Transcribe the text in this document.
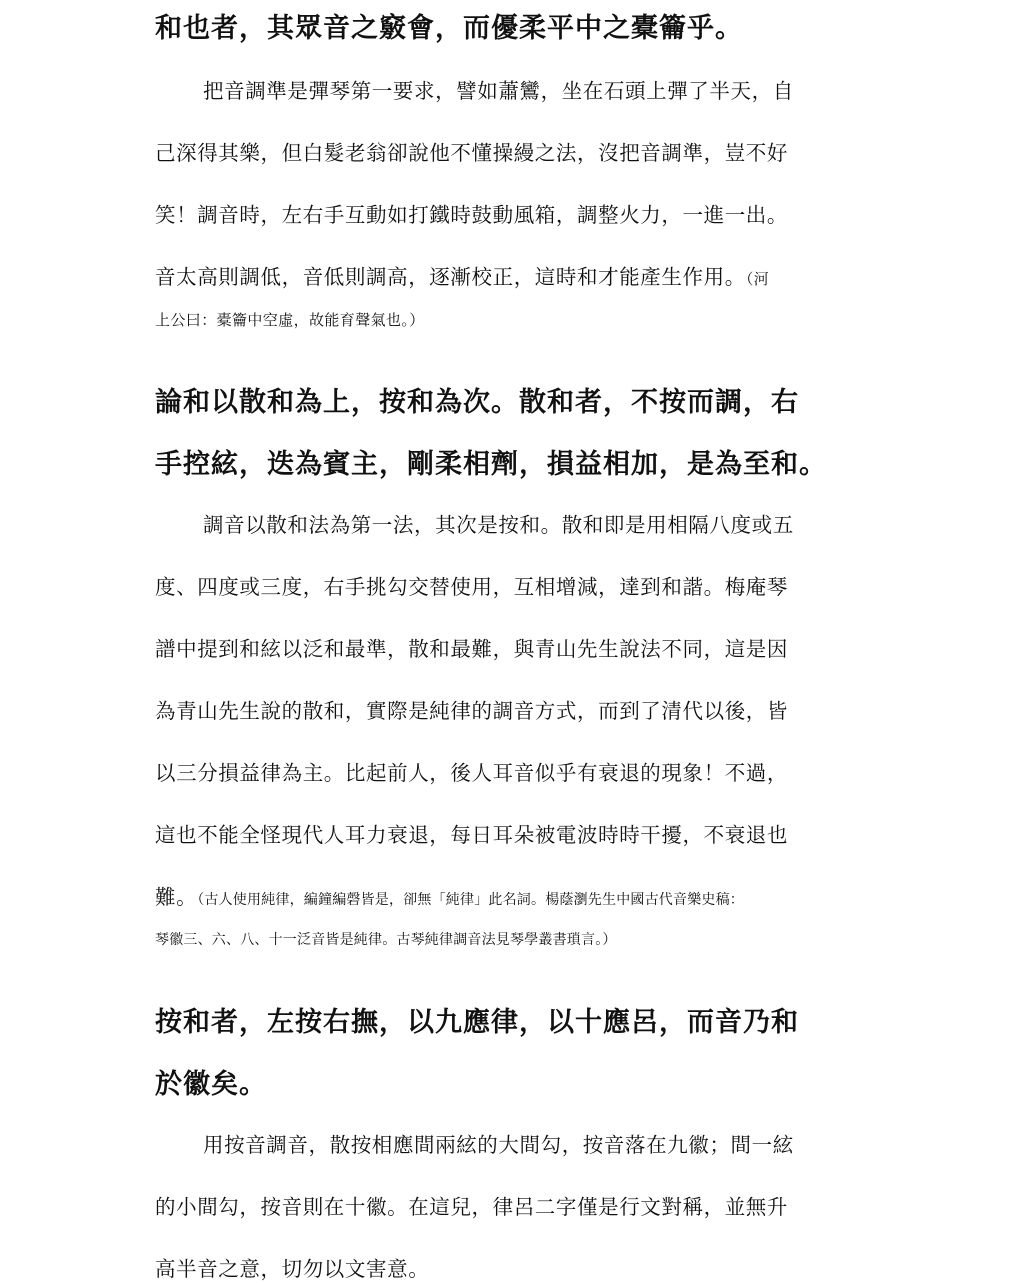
和也者，其眾音之竅會，而優柔平中之橐籥乎。
把音調準是彈琴第一要求，譬如蕭鸞，坐在石頭上彈了半天，自
己深得其樂，但白髮老翁卻說他不懂操縵之法，沒把音調準，豈不好
笑！調音時，左右手互動如打鐵時鼓動風箱，調整火力，一進一出。
音太高則調低，音低則調高，逐漸校正，這時和才能產生作用。（河
上公曰：橐籥中空虛，故能育聲氣也。）
論和以散和為上，按和為次。散和者，不按而調，右
手控絃，迭為賓主，剛柔相劑，損益相加，是為至和。
調音以散和法為第一法，其次是按和。散和即是用相隔八度或五
度、四度或三度，右手挑勾交替使用，互相增減，達到和諧。梅庵琴
譜中提到和絃以泛和最準，散和最難，與青山先生說法不同，這是因
為青山先生說的散和，實際是純律的調音方式，而到了清代以後，皆
以三分損益律為主。比起前人，後人耳音似乎有衰退的現象！不過，
這也不能全怪現代人耳力衰退，每日耳朵被電波時時干擾，不衰退也
難。（古人使用純律，編鐘編磬皆是，卻無「純律」此名詞。楊蔭瀏先生中國古代音樂史稿：
琴徽三、六、八、十一泛音皆是純律。古琴純律調音法見琴學叢書瑣言。）
按和者，左按右撫，以九應律，以十應呂，而音乃和
於徽矣。
用按音調音，散按相應間兩絃的大間勾，按音落在九徽；間一絃
的小間勾，按音則在十徽。在這兒，律呂二字僅是行文對稱，並無升
高半音之意，切勿以文害意。
